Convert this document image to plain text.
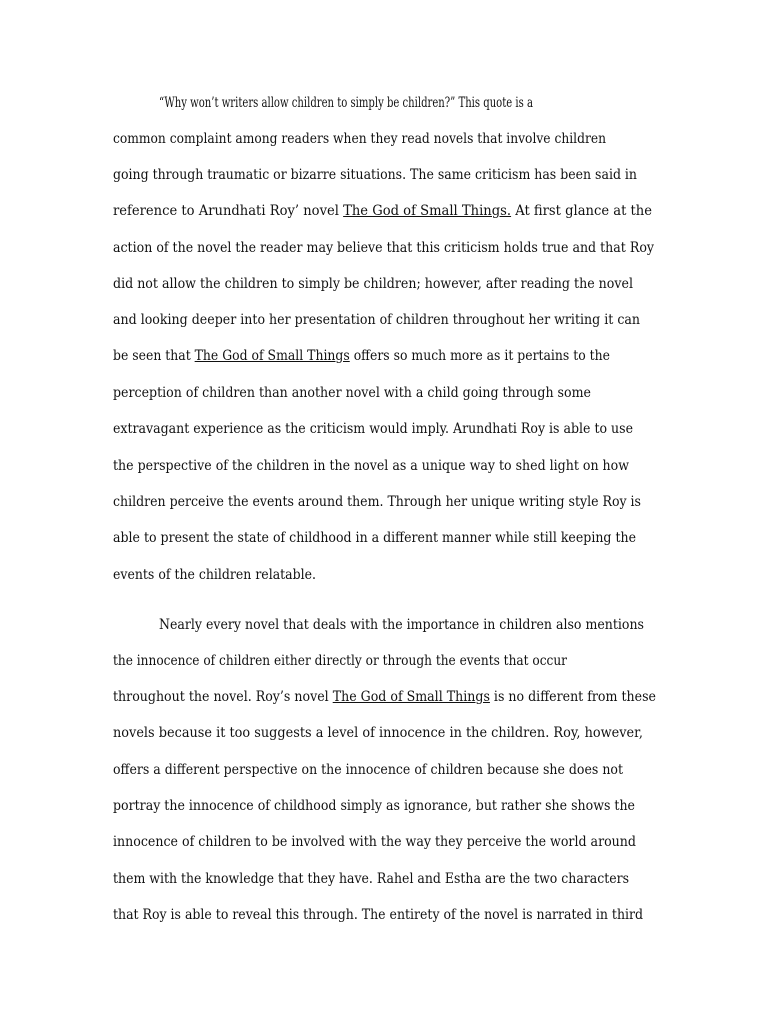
“Why won’t writers allow children to simply be children?” This quote is a
common complaint among readers when they read novels that involve children
going through traumatic or bizarre situations. The same criticism has been said in
reference to Arundhati Roy’ novel The God of Small Things. At first glance at the
action of the novel the reader may believe that this criticism holds true and that Roy
did not allow the children to simply be children; however, after reading the novel
and looking deeper into her presentation of children throughout her writing it can
be seen that The God of Small Things offers so much more as it pertains to the
perception of children than another novel with a child going through some
extravagant experience as the criticism would imply. Arundhati Roy is able to use
the perspective of the children in the novel as a unique way to shed light on how
children perceive the events around them. Through her unique writing style Roy is
able to present the state of childhood in a different manner while still keeping the
events of the children relatable.
Nearly every novel that deals with the importance in children also mentions
the innocence of children either directly or through the events that occur
throughout the novel. Roy’s novel The God of Small Things is no different from these
novels because it too suggests a level of innocence in the children. Roy, however,
offers a different perspective on the innocence of children because she does not
portray the innocence of childhood simply as ignorance, but rather she shows the
innocence of children to be involved with the way they perceive the world around
them with the knowledge that they have. Rahel and Estha are the two characters
that Roy is able to reveal this through. The entirety of the novel is narrated in third
